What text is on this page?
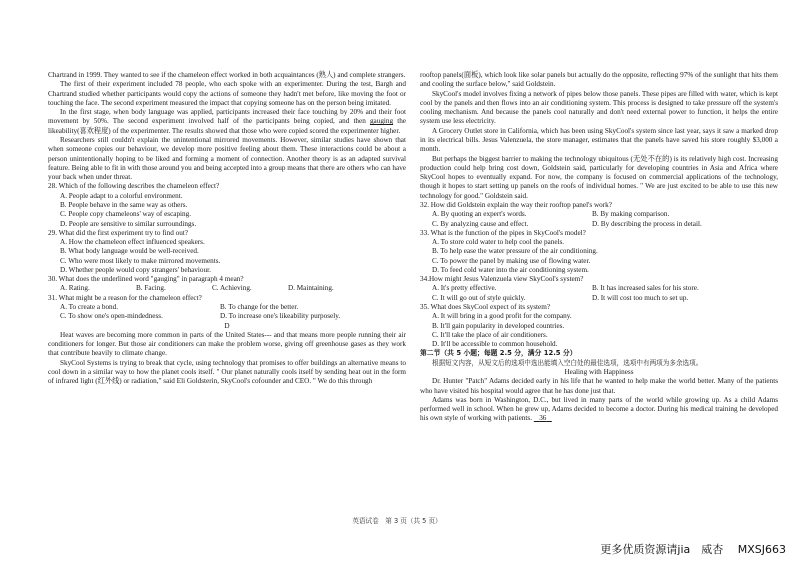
Chartrand in 1999. They wanted to see if the chameleon effect worked in both acquaintances (熟人) and complete strangers.

The first of their experiment included 78 people, who each spoke with an experimenter. During the test, Bargh and Chartrand studied whether participants would copy the actions of someone they hadn't met before, like moving the foot or touching the face. The second experiment measured the impact that copying someone has on the person being imitated.

In the first stage, when body language was applied, participants increased their face touching by 20% and their foot movement by 50%. The second experiment involved half of the participants being copied, and then gauging the likeability(喜欢程度) of the experimenter. The results showed that those who were copied scored the experimenter higher.

Researchers still couldn't explain the unintentional mirrored movements. However, similar studies have shown that when someone copies our behaviour, we develop more positive feeling about them. These interactions could be about a person unintentionally hoping to be liked and forming a moment of connection. Another theory is as an adapted survival feature. Being able to fit in with those around you and being accepted into a group means that there are others who can have your back when under threat.

28. Which of the following describes the chameleon effect?

A. People adapt to a colorful environment.

B. People behave in the same way as others.

C. People copy chameleons' way of escaping.

D. People are sensitive to similar surroundings.

29. What did the first experiment try to find out?

A. How the chameleon effect influenced speakers.

B. What body language would be well-received.

C. Who were most likely to make mirrored movements.

D. Whether people would copy strangers' behaviour.

30. What does the underlined word "gauging" in paragraph 4 mean?

A. Rating.	B. Facing.	C. Achieving.	D. Maintaining.

31. What might be a reason for the chameleon effect?

A. To create a bond.	B. To change for the better.
C. To show one's open-mindedness.	D. To increase one's likeability purposely.

D

Heat waves are becoming more common in parts of the United States--- and that means more people running their air conditioners for longer. But those air conditioners can make the problem worse, giving off greenhouse gases as they work that contribute heavily to climate change.

SkyCool Systems is trying to break that cycle, using technology that promises to offer buildings an alternative means to cool down in a similar way to how the planet cools itself. " Our planet naturally cools itself by sending heat out in the form of infrared light (红外线) or radiation," said Eli Goldsterin, SkyCool's cofounder and CEO. " We do this through

rooftop panels(面板), which look like solar panels but actually do the opposite, reflecting 97% of the sunlight that hits them and cooling the surface below," said Goldstein.

SkyCool's model involves fixing a network of pipes below those panels. These pipes are filled with water, which is kept cool by the panels and then flows into an air conditioning system. This process is designed to take pressure off the system's cooling mechanism. And because the panels cool naturally and don't need external power to function, it helps the entire system use less electricity.

A Grocery Outlet store in California, which has been using SkyCool's system since last year, says it saw a marked drop in its electrical bills. Jesus Valenzuela, the store manager, estimates that the panels have saved his store roughly $3,000 a month.

But perhaps the biggest barrier to making the technology ubiquitous (无处不在的) is its relatively high cost. Increasing production could help bring cost down, Goldstein said, particularly for developing countries in Asia and Africa where SkyCool hopes to eventually expand. For now, the company is focused on commercial applications of the technology, though it hopes to start setting up panels on the roofs of individual homes. " We are just excited to be able to use this new technology for good." Goldstein said.

32. How did Goldstein explain the way their rooftop panel's work?

A. By quoting an expert's words.	B. By making comparison.
C. By analyzing cause and effect.	D. By describing the process in detail.

33. What is the function of the pipes in SkyCool's model?

A. To store cold water to help cool the panels.

B. To help ease the water pressure of the air conditioning.

C. To power the panel by making use of flowing water.

D. To feed cold water into the air conditioning system.

34.How might Jesus Valenzuela view SkyCool's system?

A. It's pretty effective.	B. It has increased sales for his store.
C. It will go out of style quickly.	D. It will cost too much to set up.

35. What does SkyCool expect of its system?

A. It will bring in a good profit for the company.

B. It'll gain popularity in developed countries.

C. It'll take the place of air conditioners.

D. It'll be accessible to common household.

第二节（共 5 小题；每题 2.5 分，满分 12.5 分）

根据短文内容，从短文后的选项中选出能填入空白处的最佳选项，选项中有两项为多余选项。

Healing with Happiness

Dr. Hunter "Patch" Adams decided early in his life that he wanted to help make the world better. Many of the patients who have visited his hospital would agree that he has done just that.

Adams was born in Washington, D.C., but lived in many parts of the world while growing up. As a child Adams performed well in school. When he grew up, Adams decided to become a doctor. During his medical training he developed his own style of working with patients. 36

英语试卷　第 3 页（共 5 页）
更多优质资源请jia　威杏　 MXSJ663
